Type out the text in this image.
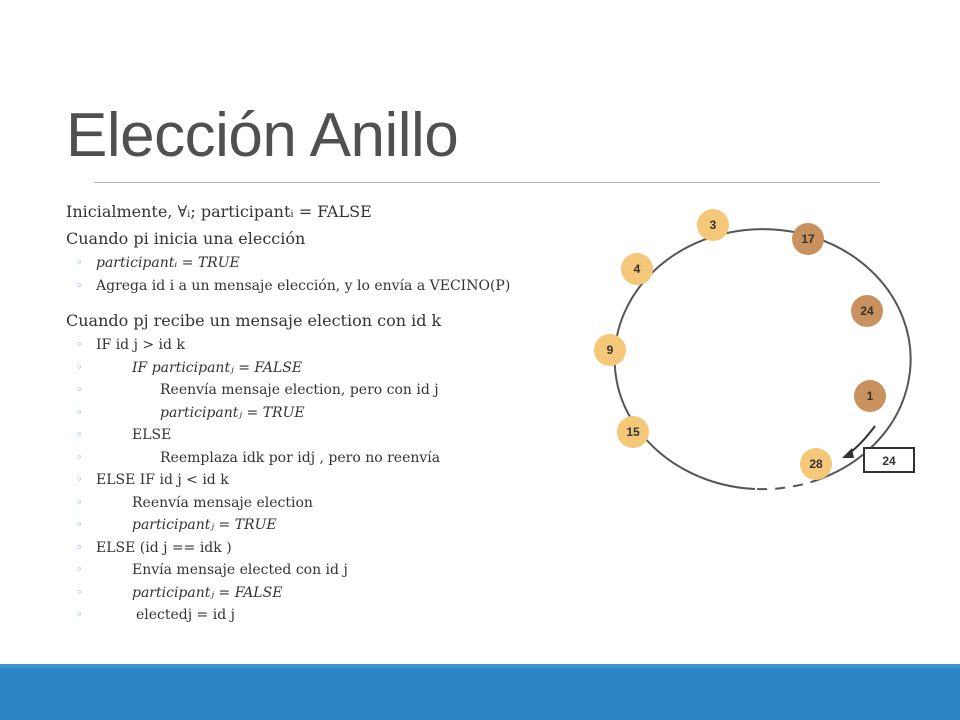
Elección Anillo
Inicialmente, ∀ᵢ; participantᵢ = FALSE
Cuando pi inicia una elección
◦ participantᵢ = TRUE
◦ Agrega id i a un mensaje elección, y lo envía a VECINO(P)
Cuando pj recibe un mensaje election con id k
◦ IF id j > id k
◦	IF participantⱼ = FALSE
◦	Reenvía mensaje election, pero con id j
◦	participantⱼ = TRUE
◦	ELSE
◦	Reemplaza idk por idj , pero no reenvía
◦ ELSE IF id j < id k
◦	Reenvía mensaje election
◦	participantⱼ = TRUE
◦ ELSE (id j == idk )
◦	Envía mensaje elected con id j
◦	participantⱼ = FALSE
◦	electedj = id j
24
3
17
24
1
28
15
9
4
